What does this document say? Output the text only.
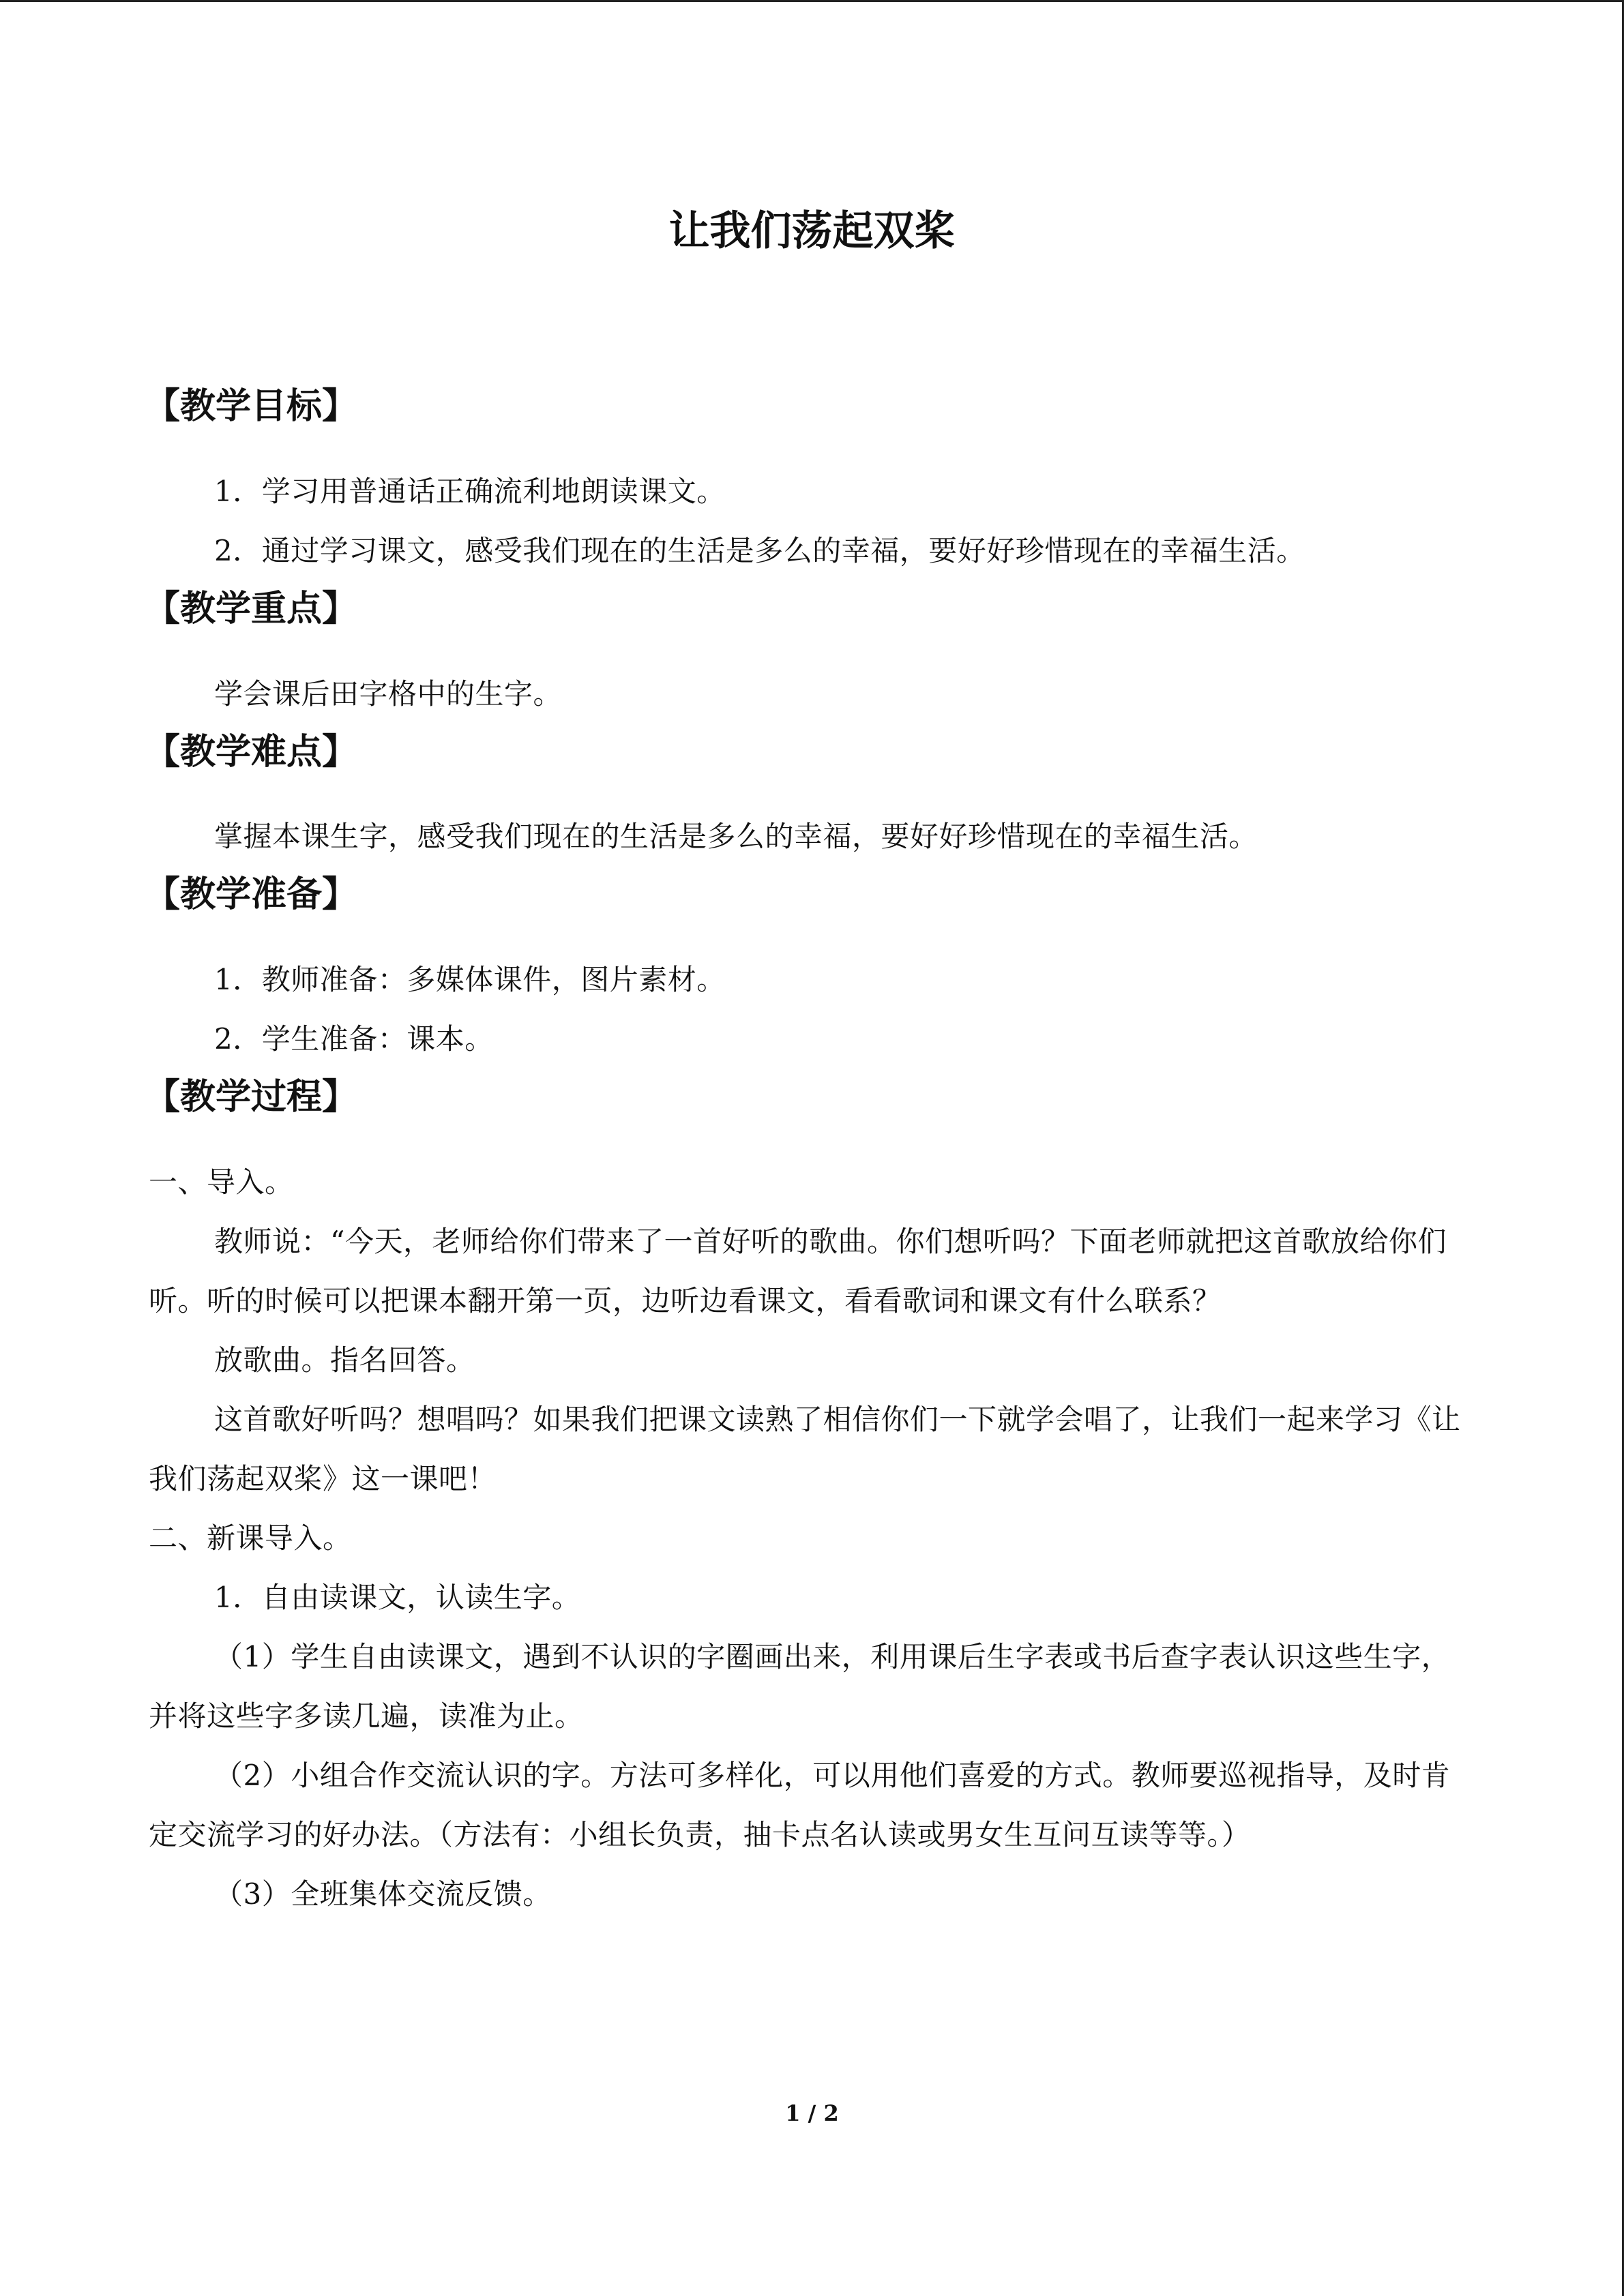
让我们荡起双桨
【教学目标】

1．学习用普通话正确流利地朗读课文。

2．通过学习课文，感受我们现在的生活是多么的幸福，要好好珍惜现在的幸福生活。

【教学重点】

学会课后田字格中的生字。

【教学难点】

掌握本课生字，感受我们现在的生活是多么的幸福，要好好珍惜现在的幸福生活。

【教学准备】

1．教师准备：多媒体课件，图片素材。

2．学生准备：课本。

【教学过程】

一、导入。

教师说：“今天，老师给你们带来了一首好听的歌曲。你们想听吗？下面老师就把这首歌放给你们听。听的时候可以把课本翻开第一页，边听边看课文，看看歌词和课文有什么联系？

放歌曲。指名回答。

这首歌好听吗？想唱吗？如果我们把课文读熟了相信你们一下就学会唱了，让我们一起来学习《让我们荡起双桨》这一课吧！

二、新课导入。

1．自由读课文，认读生字。

（1）学生自由读课文，遇到不认识的字圈画出来，利用课后生字表或书后查字表认识这些生字，并将这些字多读几遍，读准为止。

（2）小组合作交流认识的字。方法可多样化，可以用他们喜爱的方式。教师要巡视指导，及时肯定交流学习的好办法。（方法有：小组长负责，抽卡点名认读或男女生互问互读等等。）

（3）全班集体交流反馈。

1 / 2
